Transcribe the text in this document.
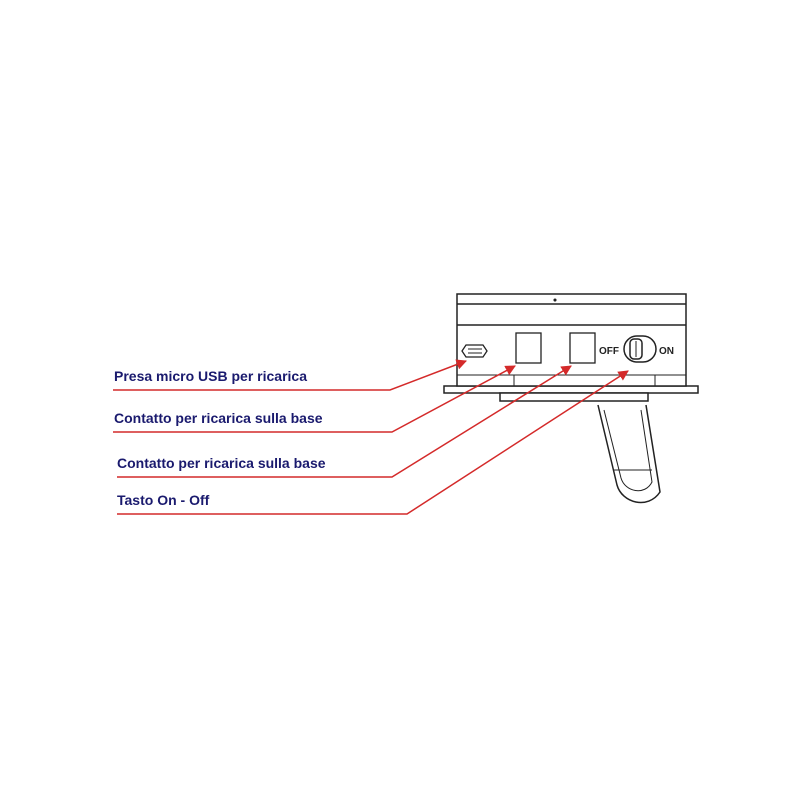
OFF	ON
Presa micro USB per ricarica
Contatto per ricarica sulla base
Contatto per ricarica sulla base
Tasto On - Off
